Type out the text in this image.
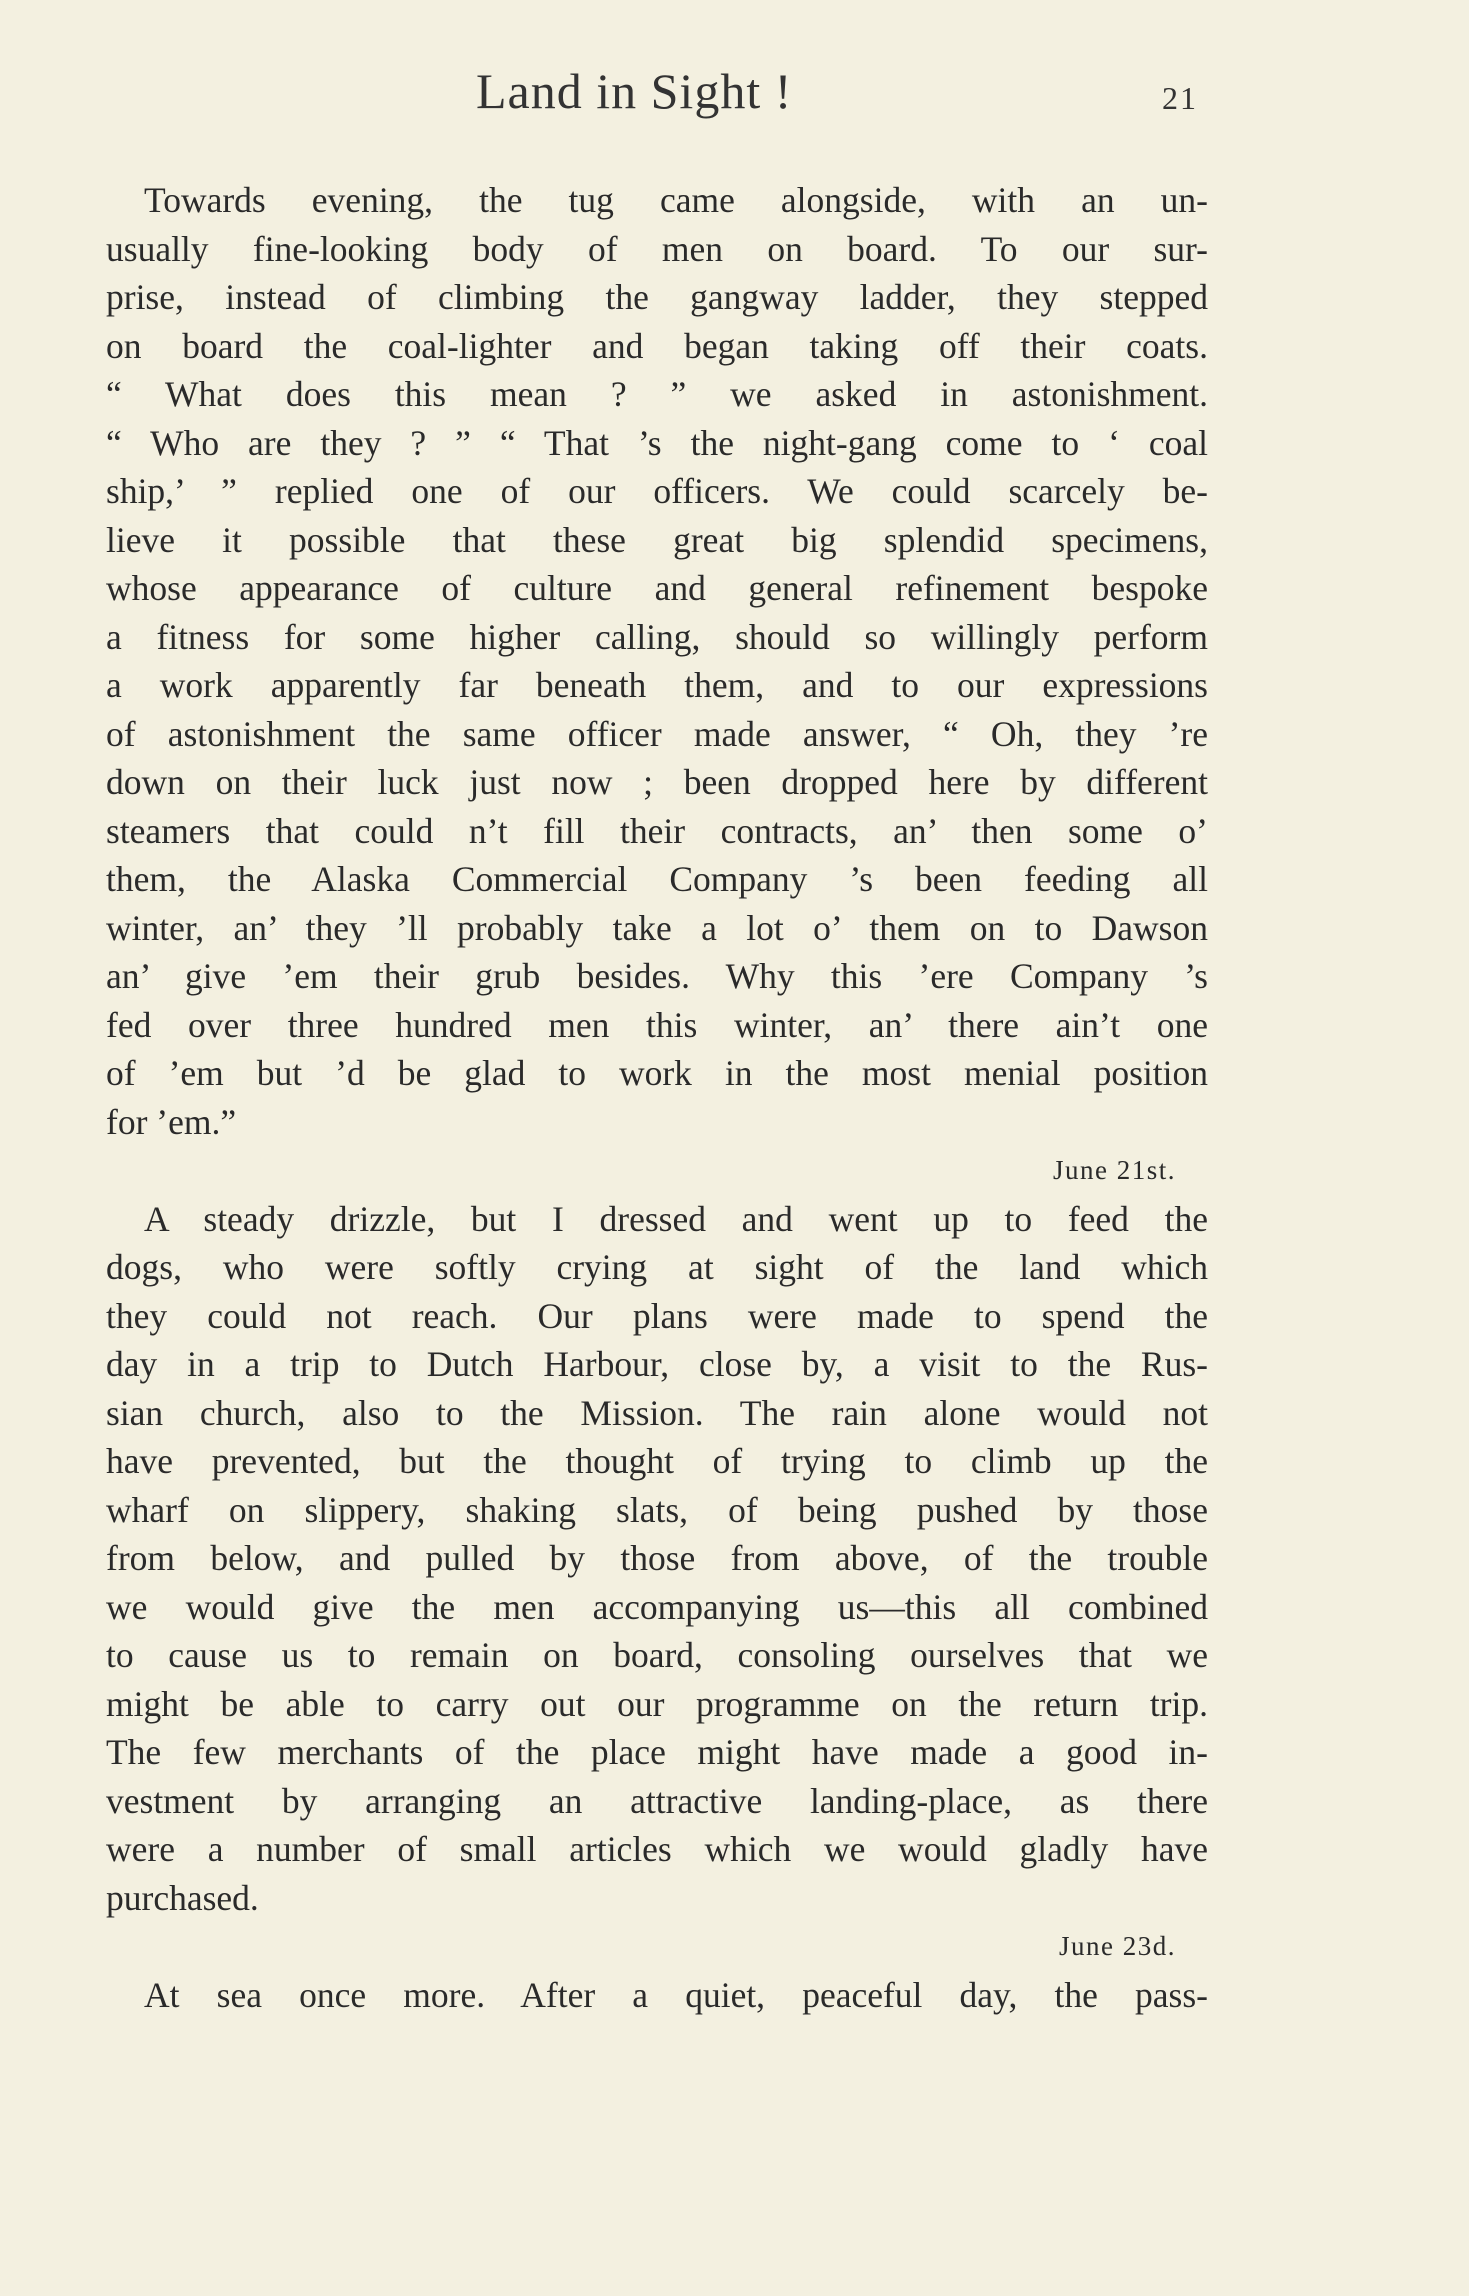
Land in Sight !	21
Towards evening, the tug came alongside, with an un-
usually fine-looking body of men on board. To our sur-
prise, instead of climbing the gangway ladder, they stepped
on board the coal-lighter and began taking off their coats.
“ What does this mean ? ” we asked in astonishment.
“ Who are they ? ” “ That ’s the night-gang come to ‘ coal
ship,’ ” replied one of our officers. We could scarcely be-
lieve it possible that these great big splendid specimens,
whose appearance of culture and general refinement bespoke
a fitness for some higher calling, should so willingly perform
a work apparently far beneath them, and to our expressions
of astonishment the same officer made answer, “ Oh, they ’re
down on their luck just now ; been dropped here by different
steamers that could n’t fill their contracts, an’ then some o’
them, the Alaska Commercial Company ’s been feeding all
winter, an’ they ’ll probably take a lot o’ them on to Dawson
an’ give ’em their grub besides. Why this ’ere Company ’s
fed over three hundred men this winter, an’ there ain’t one
of ’em but ’d be glad to work in the most menial position
for ’em.”
June 21st.
A steady drizzle, but I dressed and went up to feed the
dogs, who were softly crying at sight of the land which
they could not reach. Our plans were made to spend the
day in a trip to Dutch Harbour, close by, a visit to the Rus-
sian church, also to the Mission. The rain alone would not
have prevented, but the thought of trying to climb up the
wharf on slippery, shaking slats, of being pushed by those
from below, and pulled by those from above, of the trouble
we would give the men accompanying us—this all combined
to cause us to remain on board, consoling ourselves that we
might be able to carry out our programme on the return trip.
The few merchants of the place might have made a good in-
vestment by arranging an attractive landing-place, as there
were a number of small articles which we would gladly have
purchased.
June 23d.
At sea once more. After a quiet, peaceful day, the pass-
